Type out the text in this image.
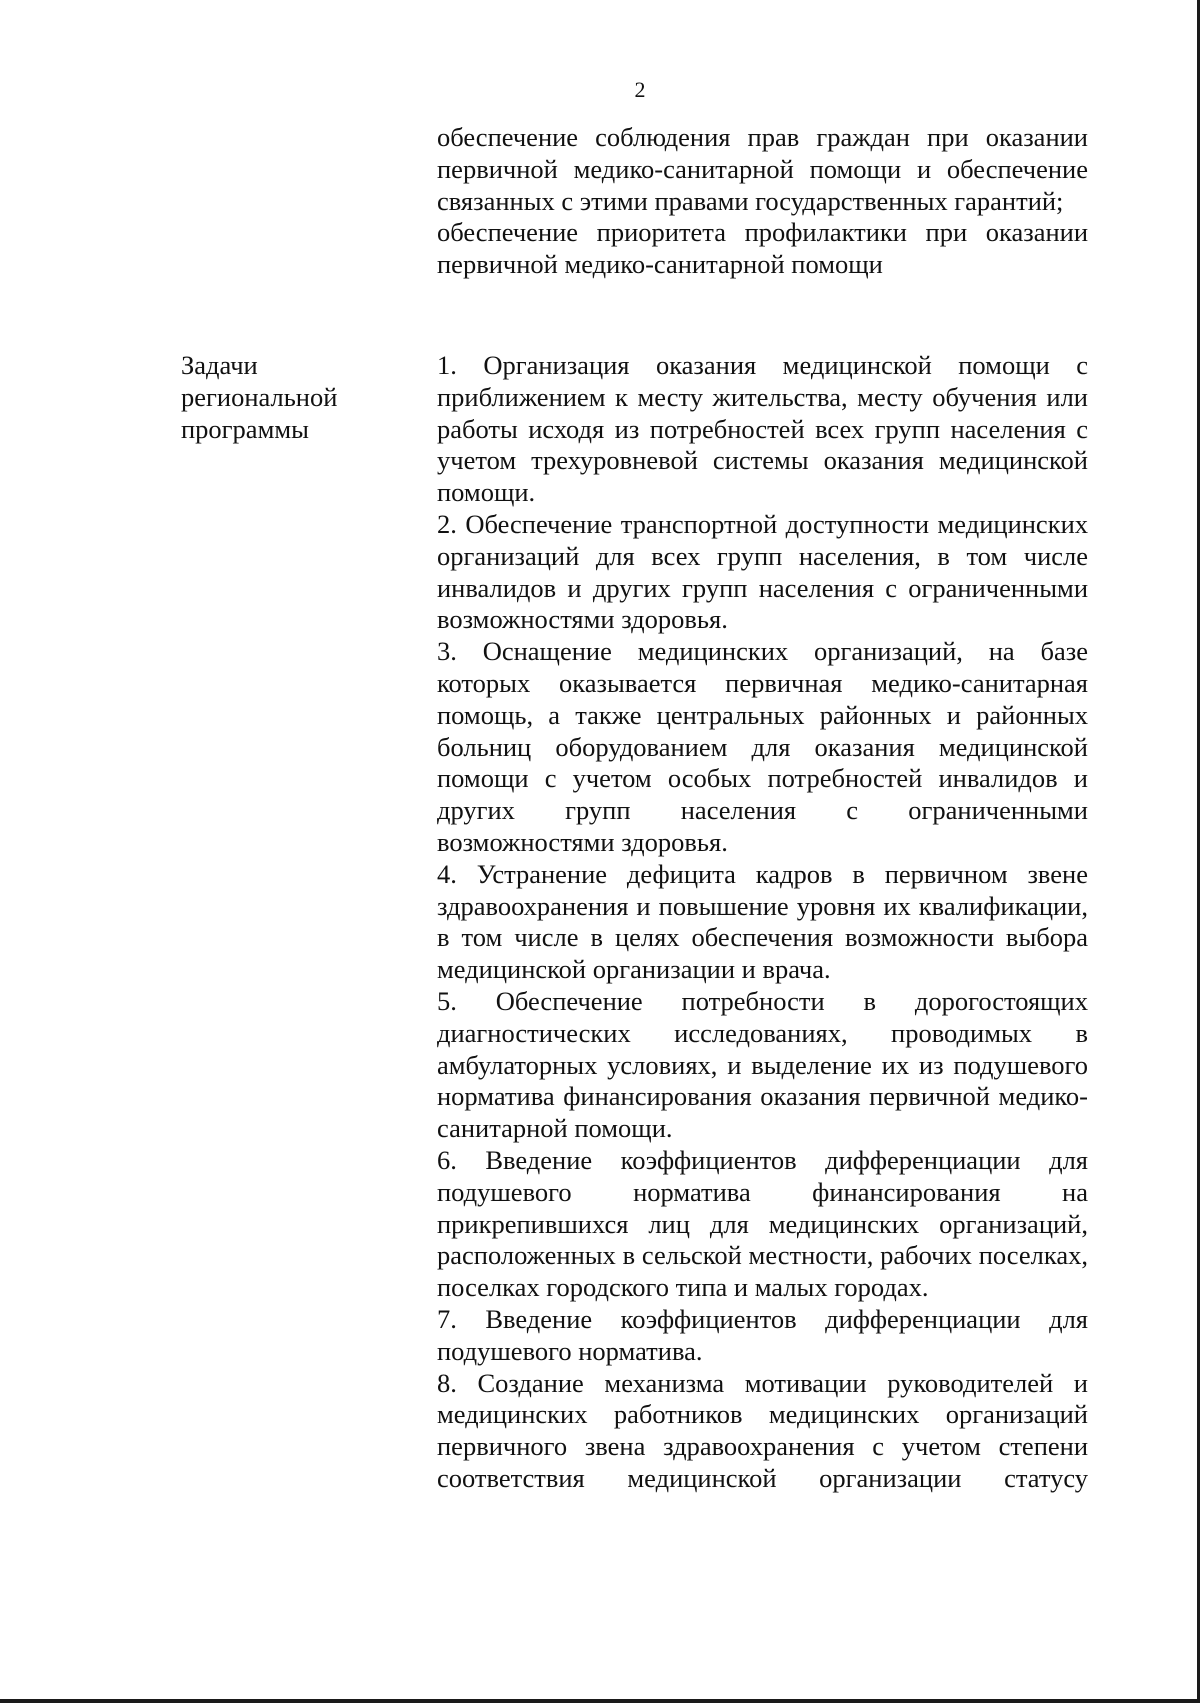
2

обеспечение соблюдения прав граждан при оказании первичной медико-санитарной помощи и обеспечение связанных с этими правами государственных гарантий;

обеспечение приоритета профилактики при оказании первичной медико-санитарной помощи

Задачи
региональной
программы

1. Организация оказания медицинской помощи с приближением к месту жительства, месту обучения или работы исходя из потребностей всех групп населения с учетом трехуровневой системы оказания медицинской помощи.

2. Обеспечение транспортной доступности медицинских организаций для всех групп населения, в том числе инвалидов и других групп населения с ограниченными возможностями здоровья.

3. Оснащение медицинских организаций, на базе которых оказывается первичная медико-санитарная помощь, а также центральных районных и районных больниц оборудованием для оказания медицинской помощи с учетом особых потребностей инвалидов и других групп населения с ограниченными возможностями здоровья.

4. Устранение дефицита кадров в первичном звене здравоохранения и повышение уровня их квалификации, в том числе в целях обеспечения возможности выбора медицинской организации и врача.

5. Обеспечение потребности в дорогостоящих диагностических исследованиях, проводимых в амбулаторных условиях, и выделение их из подушевого норматива финансирования оказания первичной медико-санитарной помощи.

6. Введение коэффициентов дифференциации для подушевого норматива финансирования на прикрепившихся лиц для медицинских организаций, расположенных в сельской местности, рабочих поселках, поселках городского типа и малых городах.

7. Введение коэффициентов дифференциации для подушевого норматива.

8. Создание механизма мотивации руководителей и медицинских работников медицинских организаций первичного звена здравоохранения с учетом степени соответствия медицинской организации статусу
